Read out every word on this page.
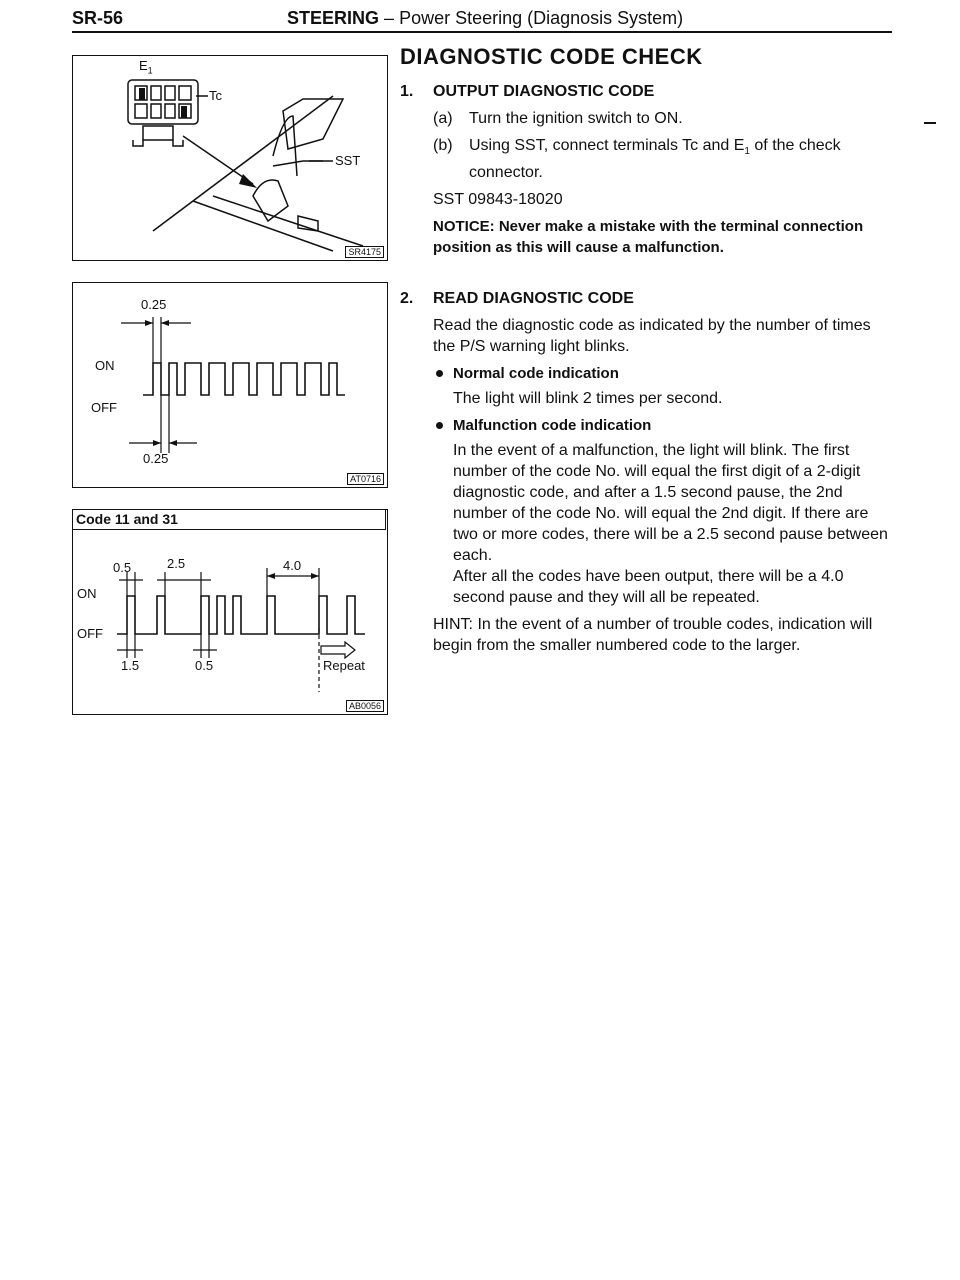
SR-56	STEERING – Power Steering (Diagnosis System)
$E_1$
Tc
SST
SR4175
0.25
0.25
ON
OFF
AT0716
Code 11 and 31
0.5	2.5	4.0
1.5	0.5
ON
OFF
Repeat
AB0056
DIAGNOSTIC CODE CHECK
1. OUTPUT DIAGNOSTIC CODE
(a) Turn the ignition switch to ON.
(b) Using SST, connect terminals Tc and $E_1$ of the check connector.
SST 09843-18020
NOTICE: Never make a mistake with the terminal connection position as this will cause a malfunction.
2. READ DIAGNOSTIC CODE
Read the diagnostic code as indicated by the number of times the P/S warning light blinks.
Normal code indication
The light will blink 2 times per second.
Malfunction code indication
In the event of a malfunction, the light will blink. The first number of the code No. will equal the first digit of a 2-digit diagnostic code, and after a 1.5 second pause, the 2nd number of the code No. will equal the 2nd digit. If there are two or more codes, there will be a 2.5 second pause between each.
After all the codes have been output, there will be a 4.0 second pause and they will all be repeated.
HINT: In the event of a number of trouble codes, indication will begin from the smaller numbered code to the larger.
